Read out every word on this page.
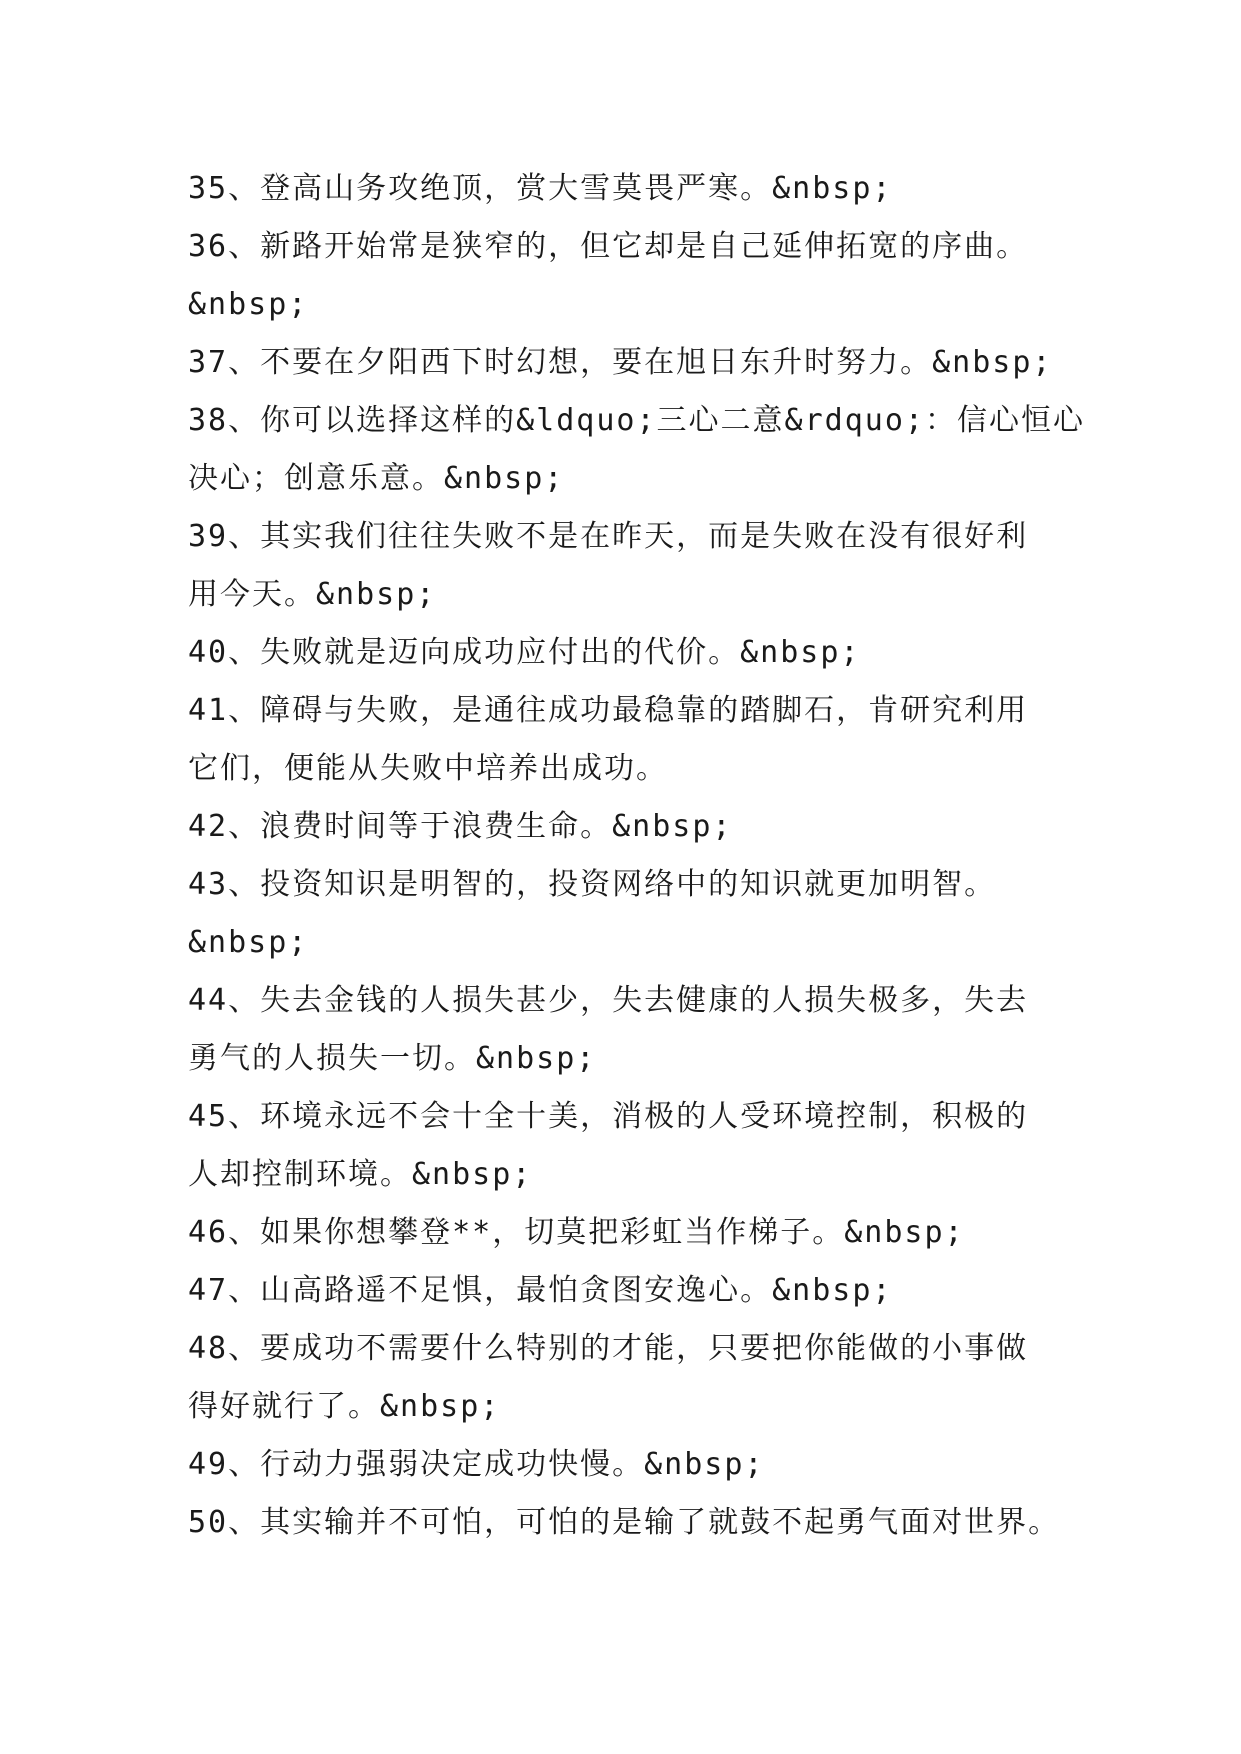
35、登高山务攻绝顶，赏大雪莫畏严寒。&nbsp;
36、新路开始常是狭窄的，但它却是自己延伸拓宽的序曲。
&nbsp;
37、不要在夕阳西下时幻想，要在旭日东升时努力。&nbsp;
38、你可以选择这样的&ldquo;三心二意&rdquo;：信心恒心
决心；创意乐意。&nbsp;
39、其实我们往往失败不是在昨天，而是失败在没有很好利
用今天。&nbsp;
40、失败就是迈向成功应付出的代价。&nbsp;
41、障碍与失败，是通往成功最稳靠的踏脚石，肯研究利用
它们，便能从失败中培养出成功。
42、浪费时间等于浪费生命。&nbsp;
43、投资知识是明智的，投资网络中的知识就更加明智。
&nbsp;
44、失去金钱的人损失甚少，失去健康的人损失极多，失去
勇气的人损失一切。&nbsp;
45、环境永远不会十全十美，消极的人受环境控制，积极的
人却控制环境。&nbsp;
46、如果你想攀登**，切莫把彩虹当作梯子。&nbsp;
47、山高路遥不足惧，最怕贪图安逸心。&nbsp;
48、要成功不需要什么特别的才能，只要把你能做的小事做
得好就行了。&nbsp;
49、行动力强弱决定成功快慢。&nbsp;
50、其实输并不可怕，可怕的是输了就鼓不起勇气面对世界。
